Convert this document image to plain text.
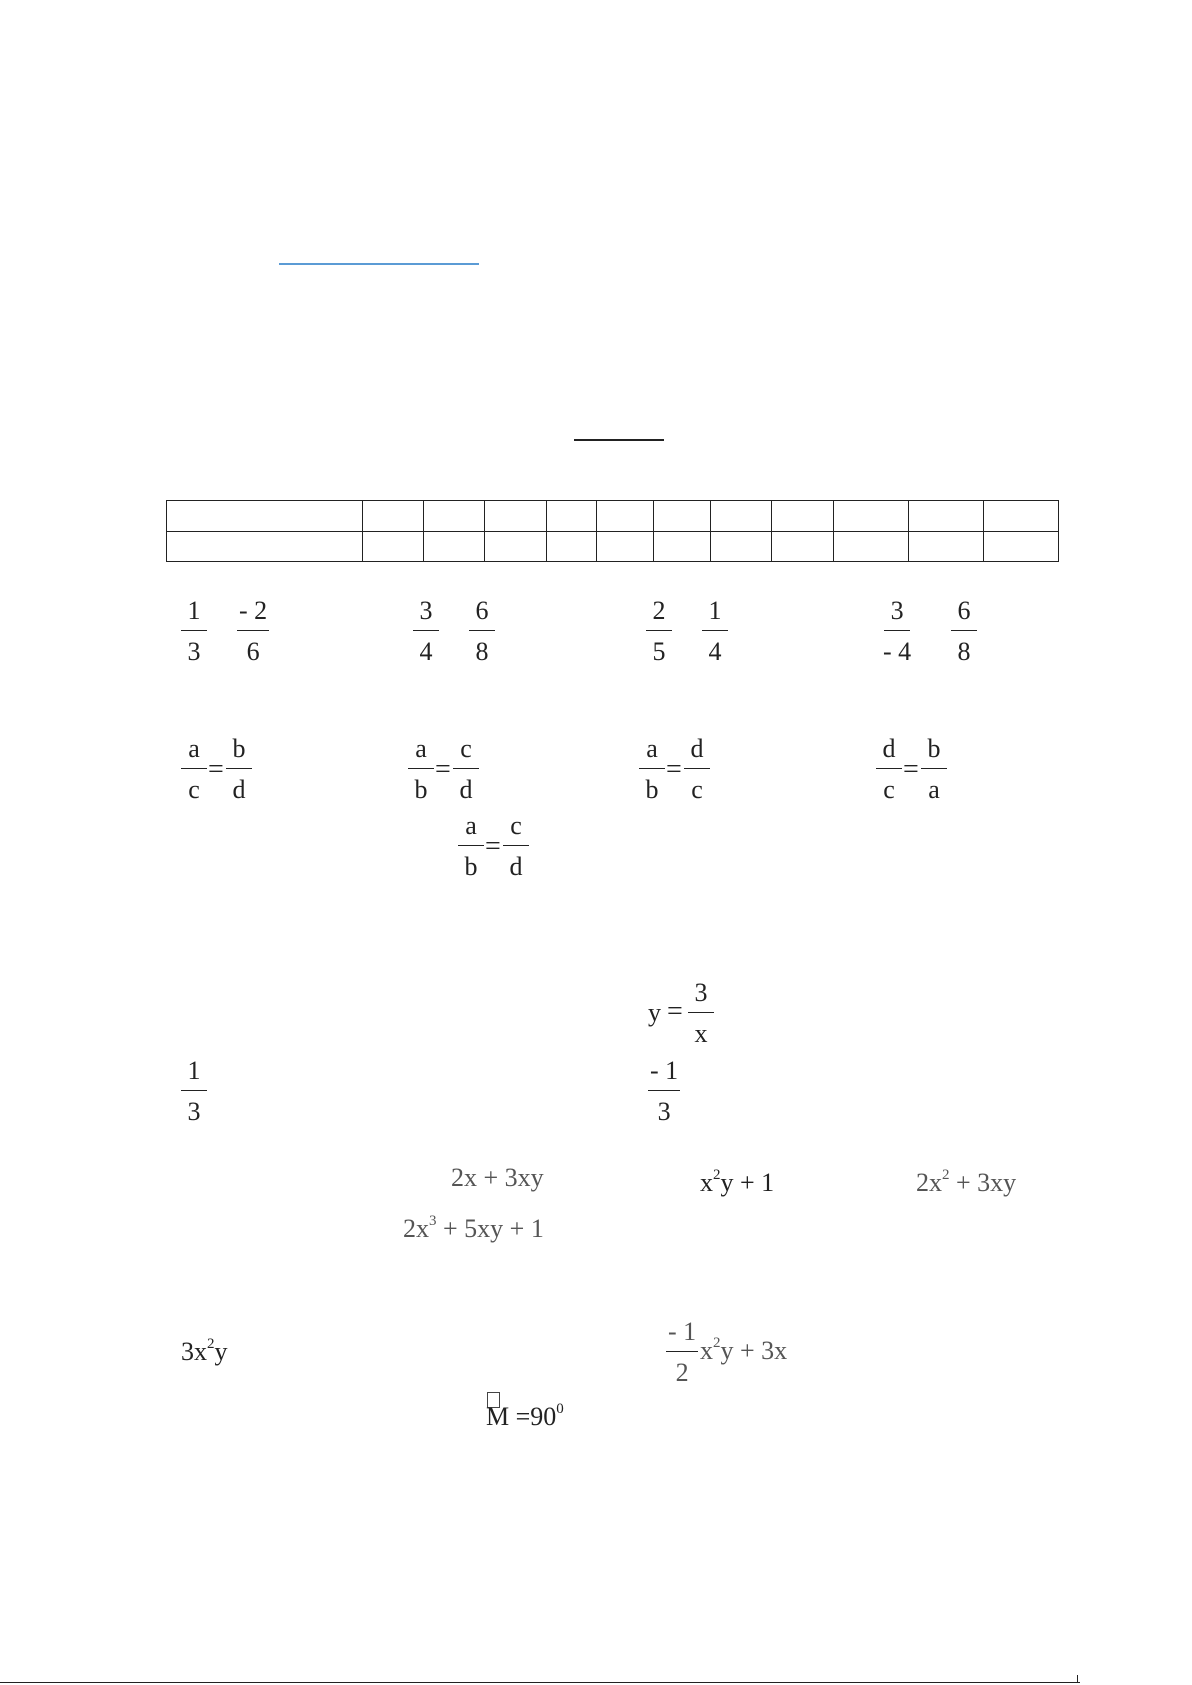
$\frac{1}{3} \frac{- 2}{6}$	$\frac{3}{4} \frac{6}{8}$	$\frac{2}{5} \frac{1}{4}$	$\frac{3}{- 4} \frac{6}{8}$
$\frac{a}{c} = \frac{b}{d}$	$\frac{a}{b} = \frac{c}{d}$	$\frac{a}{b} = \frac{d}{c}$	$\frac{d}{c} = \frac{b}{a}$
$\frac{a}{b} = \frac{c}{d}$
$y = \frac{3}{x}$
$\frac{1}{3}$	$\frac{- 1}{3}$
2x + 3xy	$x^2y + 1$	$2x^2 + 3xy$
$2x^3 + 5xy + 1$
$3x^2y$	$\frac{- 1}{2} x^2y + 3x$
$M =90^0$
